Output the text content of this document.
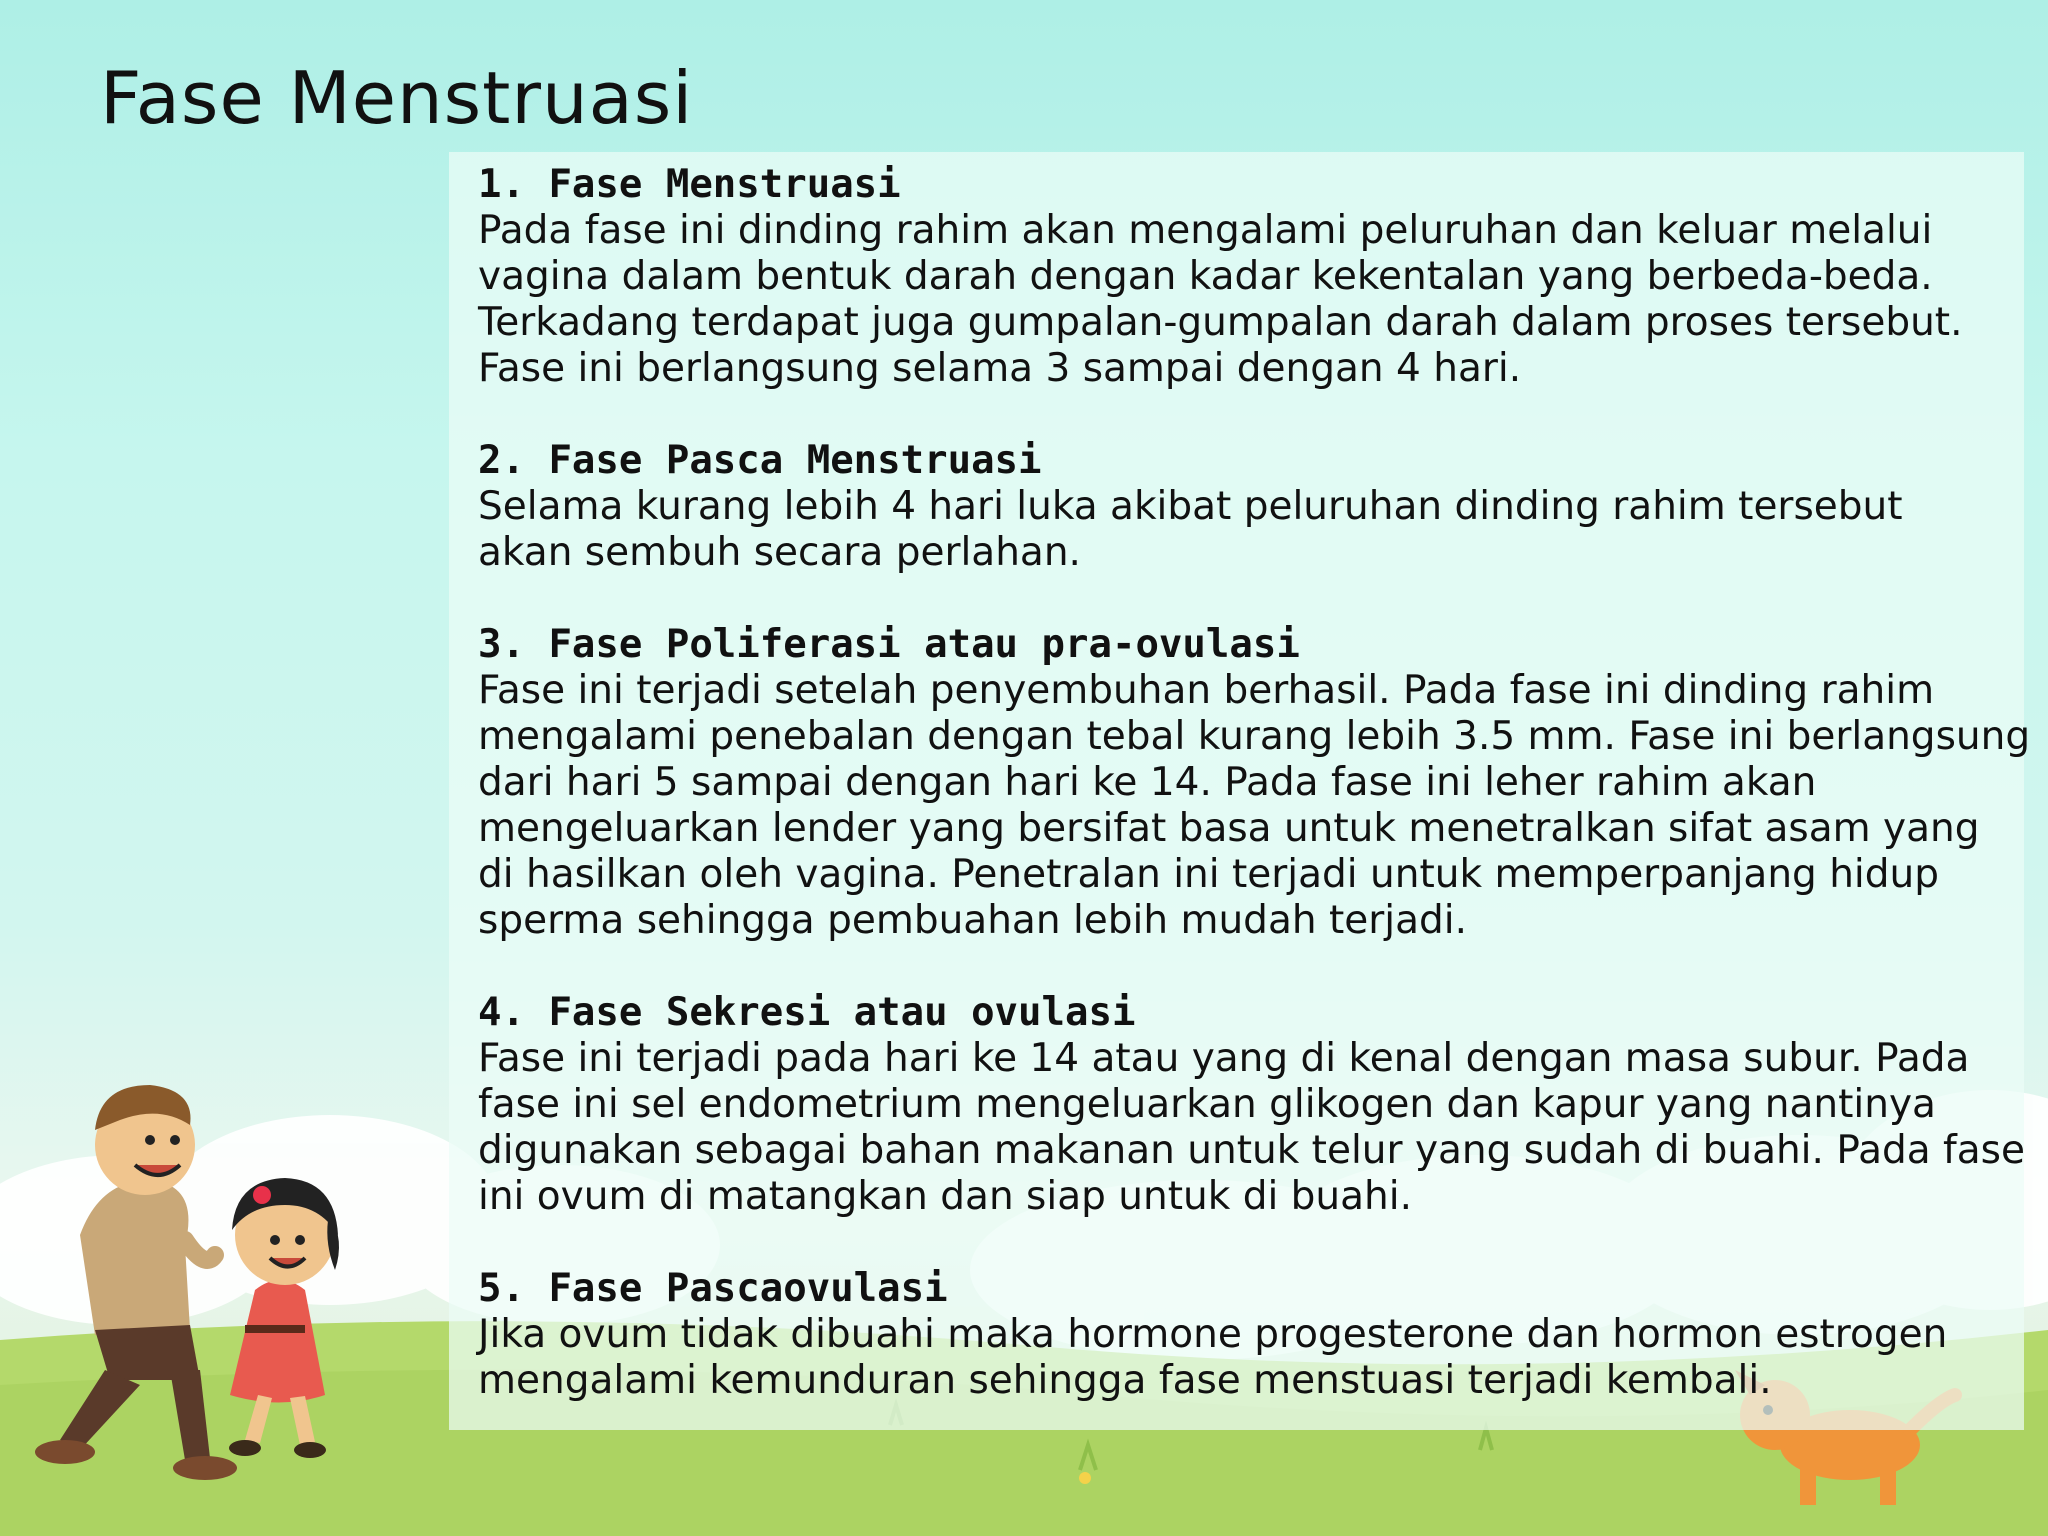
Fase Menstruasi
1. Fase Menstruasi
Pada fase ini dinding rahim akan mengalami peluruhan dan keluar melalui
vagina dalam bentuk darah dengan kadar kekentalan yang berbeda-beda.
Terkadang terdapat juga gumpalan-gumpalan darah dalam proses tersebut.
Fase ini berlangsung selama 3 sampai dengan 4 hari.
2. Fase Pasca Menstruasi
Selama kurang lebih 4 hari luka akibat peluruhan dinding rahim tersebut
akan sembuh secara perlahan.
3. Fase Poliferasi atau pra-ovulasi
Fase ini terjadi setelah penyembuhan berhasil. Pada fase ini dinding rahim
mengalami penebalan dengan tebal kurang lebih 3.5 mm. Fase ini berlangsung
dari hari 5 sampai dengan hari ke 14. Pada fase ini leher rahim akan
mengeluarkan lender yang bersifat basa untuk menetralkan sifat asam yang
di hasilkan oleh vagina. Penetralan ini terjadi untuk memperpanjang hidup
sperma sehingga pembuahan lebih mudah terjadi.
4. Fase Sekresi atau ovulasi
Fase ini terjadi pada hari ke 14 atau yang di kenal dengan masa subur. Pada
fase ini sel endometrium mengeluarkan glikogen dan kapur yang nantinya
digunakan sebagai bahan makanan untuk telur yang sudah di buahi. Pada fase
ini ovum di matangkan dan siap untuk di buahi.
5. Fase Pascaovulasi
Jika ovum tidak dibuahi maka hormone progesterone dan hormon estrogen
mengalami kemunduran sehingga fase menstuasi terjadi kembali.
